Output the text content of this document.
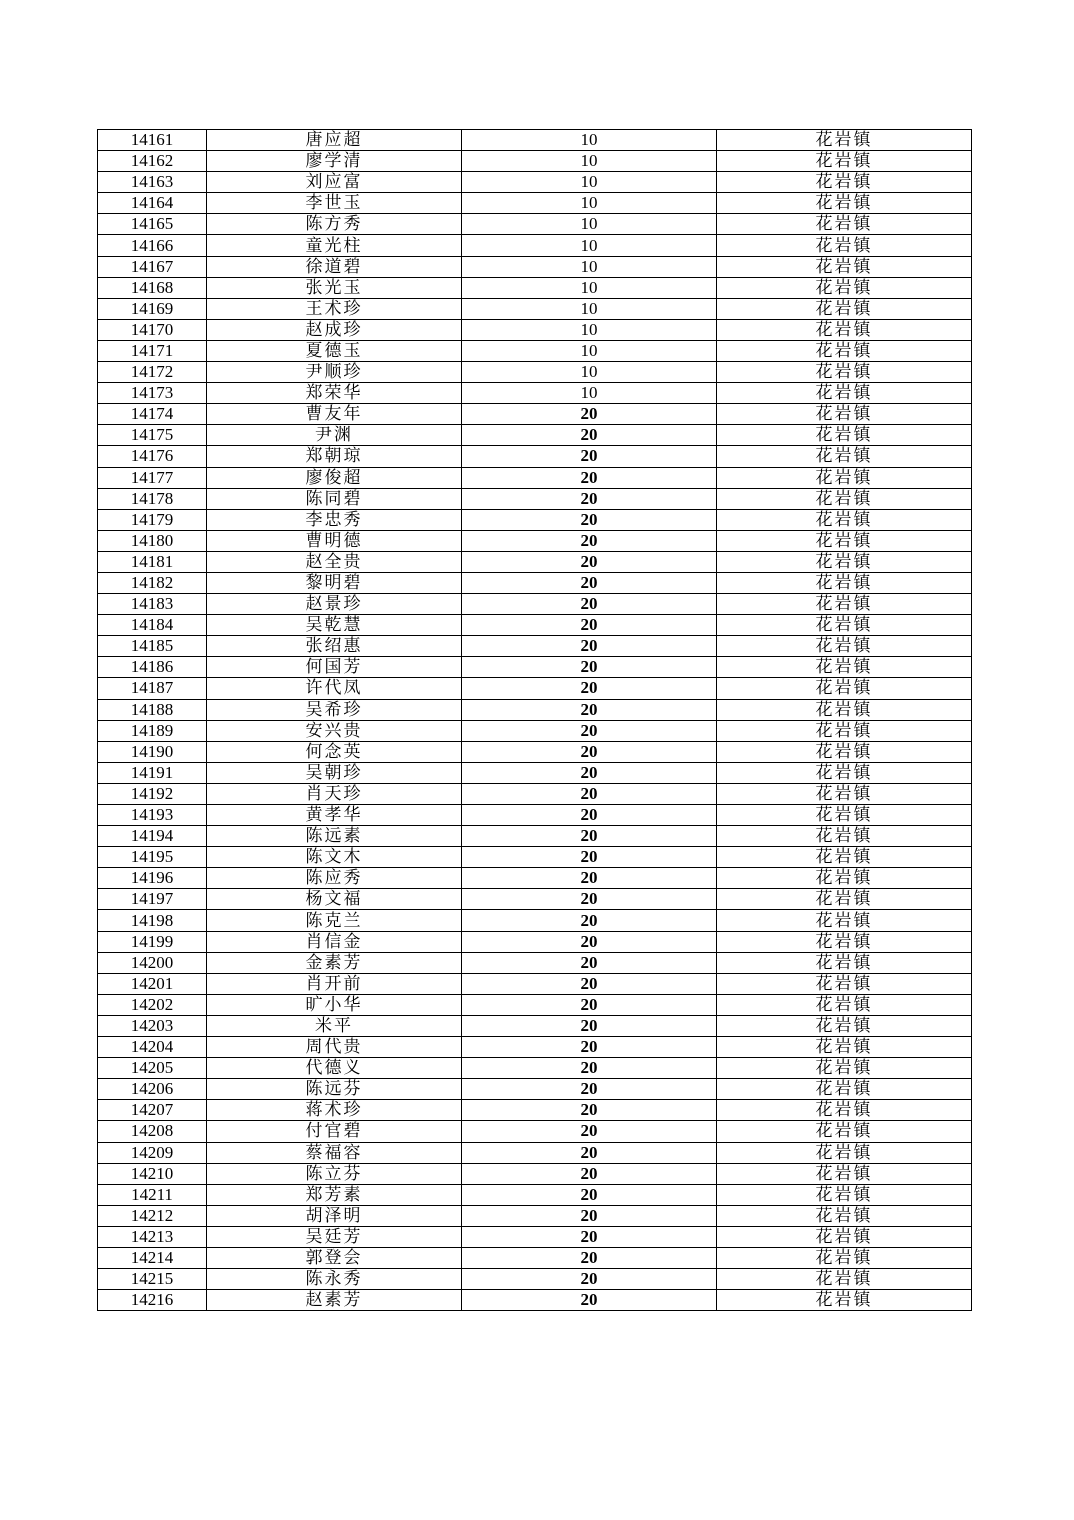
14161	唐应超	10	花岩镇
14162	廖学清	10	花岩镇
14163	刘应富	10	花岩镇
14164	李世玉	10	花岩镇
14165	陈方秀	10	花岩镇
14166	童光柱	10	花岩镇
14167	徐道碧	10	花岩镇
14168	张光玉	10	花岩镇
14169	王术珍	10	花岩镇
14170	赵成珍	10	花岩镇
14171	夏德玉	10	花岩镇
14172	尹顺珍	10	花岩镇
14173	郑荣华	10	花岩镇
14174	曹友年	20	花岩镇
14175	尹渊	20	花岩镇
14176	郑朝琼	20	花岩镇
14177	廖俊超	20	花岩镇
14178	陈同碧	20	花岩镇
14179	李忠秀	20	花岩镇
14180	曹明德	20	花岩镇
14181	赵全贵	20	花岩镇
14182	黎明碧	20	花岩镇
14183	赵景珍	20	花岩镇
14184	吴乾慧	20	花岩镇
14185	张绍惠	20	花岩镇
14186	何国芳	20	花岩镇
14187	许代凤	20	花岩镇
14188	吴希珍	20	花岩镇
14189	安兴贵	20	花岩镇
14190	何念英	20	花岩镇
14191	吴朝珍	20	花岩镇
14192	肖天珍	20	花岩镇
14193	黄孝华	20	花岩镇
14194	陈远素	20	花岩镇
14195	陈文木	20	花岩镇
14196	陈应秀	20	花岩镇
14197	杨文福	20	花岩镇
14198	陈克兰	20	花岩镇
14199	肖信金	20	花岩镇
14200	金素芳	20	花岩镇
14201	肖开前	20	花岩镇
14202	旷小华	20	花岩镇
14203	米平	20	花岩镇
14204	周代贵	20	花岩镇
14205	代德义	20	花岩镇
14206	陈远芬	20	花岩镇
14207	蒋术珍	20	花岩镇
14208	付官碧	20	花岩镇
14209	蔡福容	20	花岩镇
14210	陈立芬	20	花岩镇
14211	郑芳素	20	花岩镇
14212	胡泽明	20	花岩镇
14213	吴廷芳	20	花岩镇
14214	郭登会	20	花岩镇
14215	陈永秀	20	花岩镇
14216	赵素芳	20	花岩镇
